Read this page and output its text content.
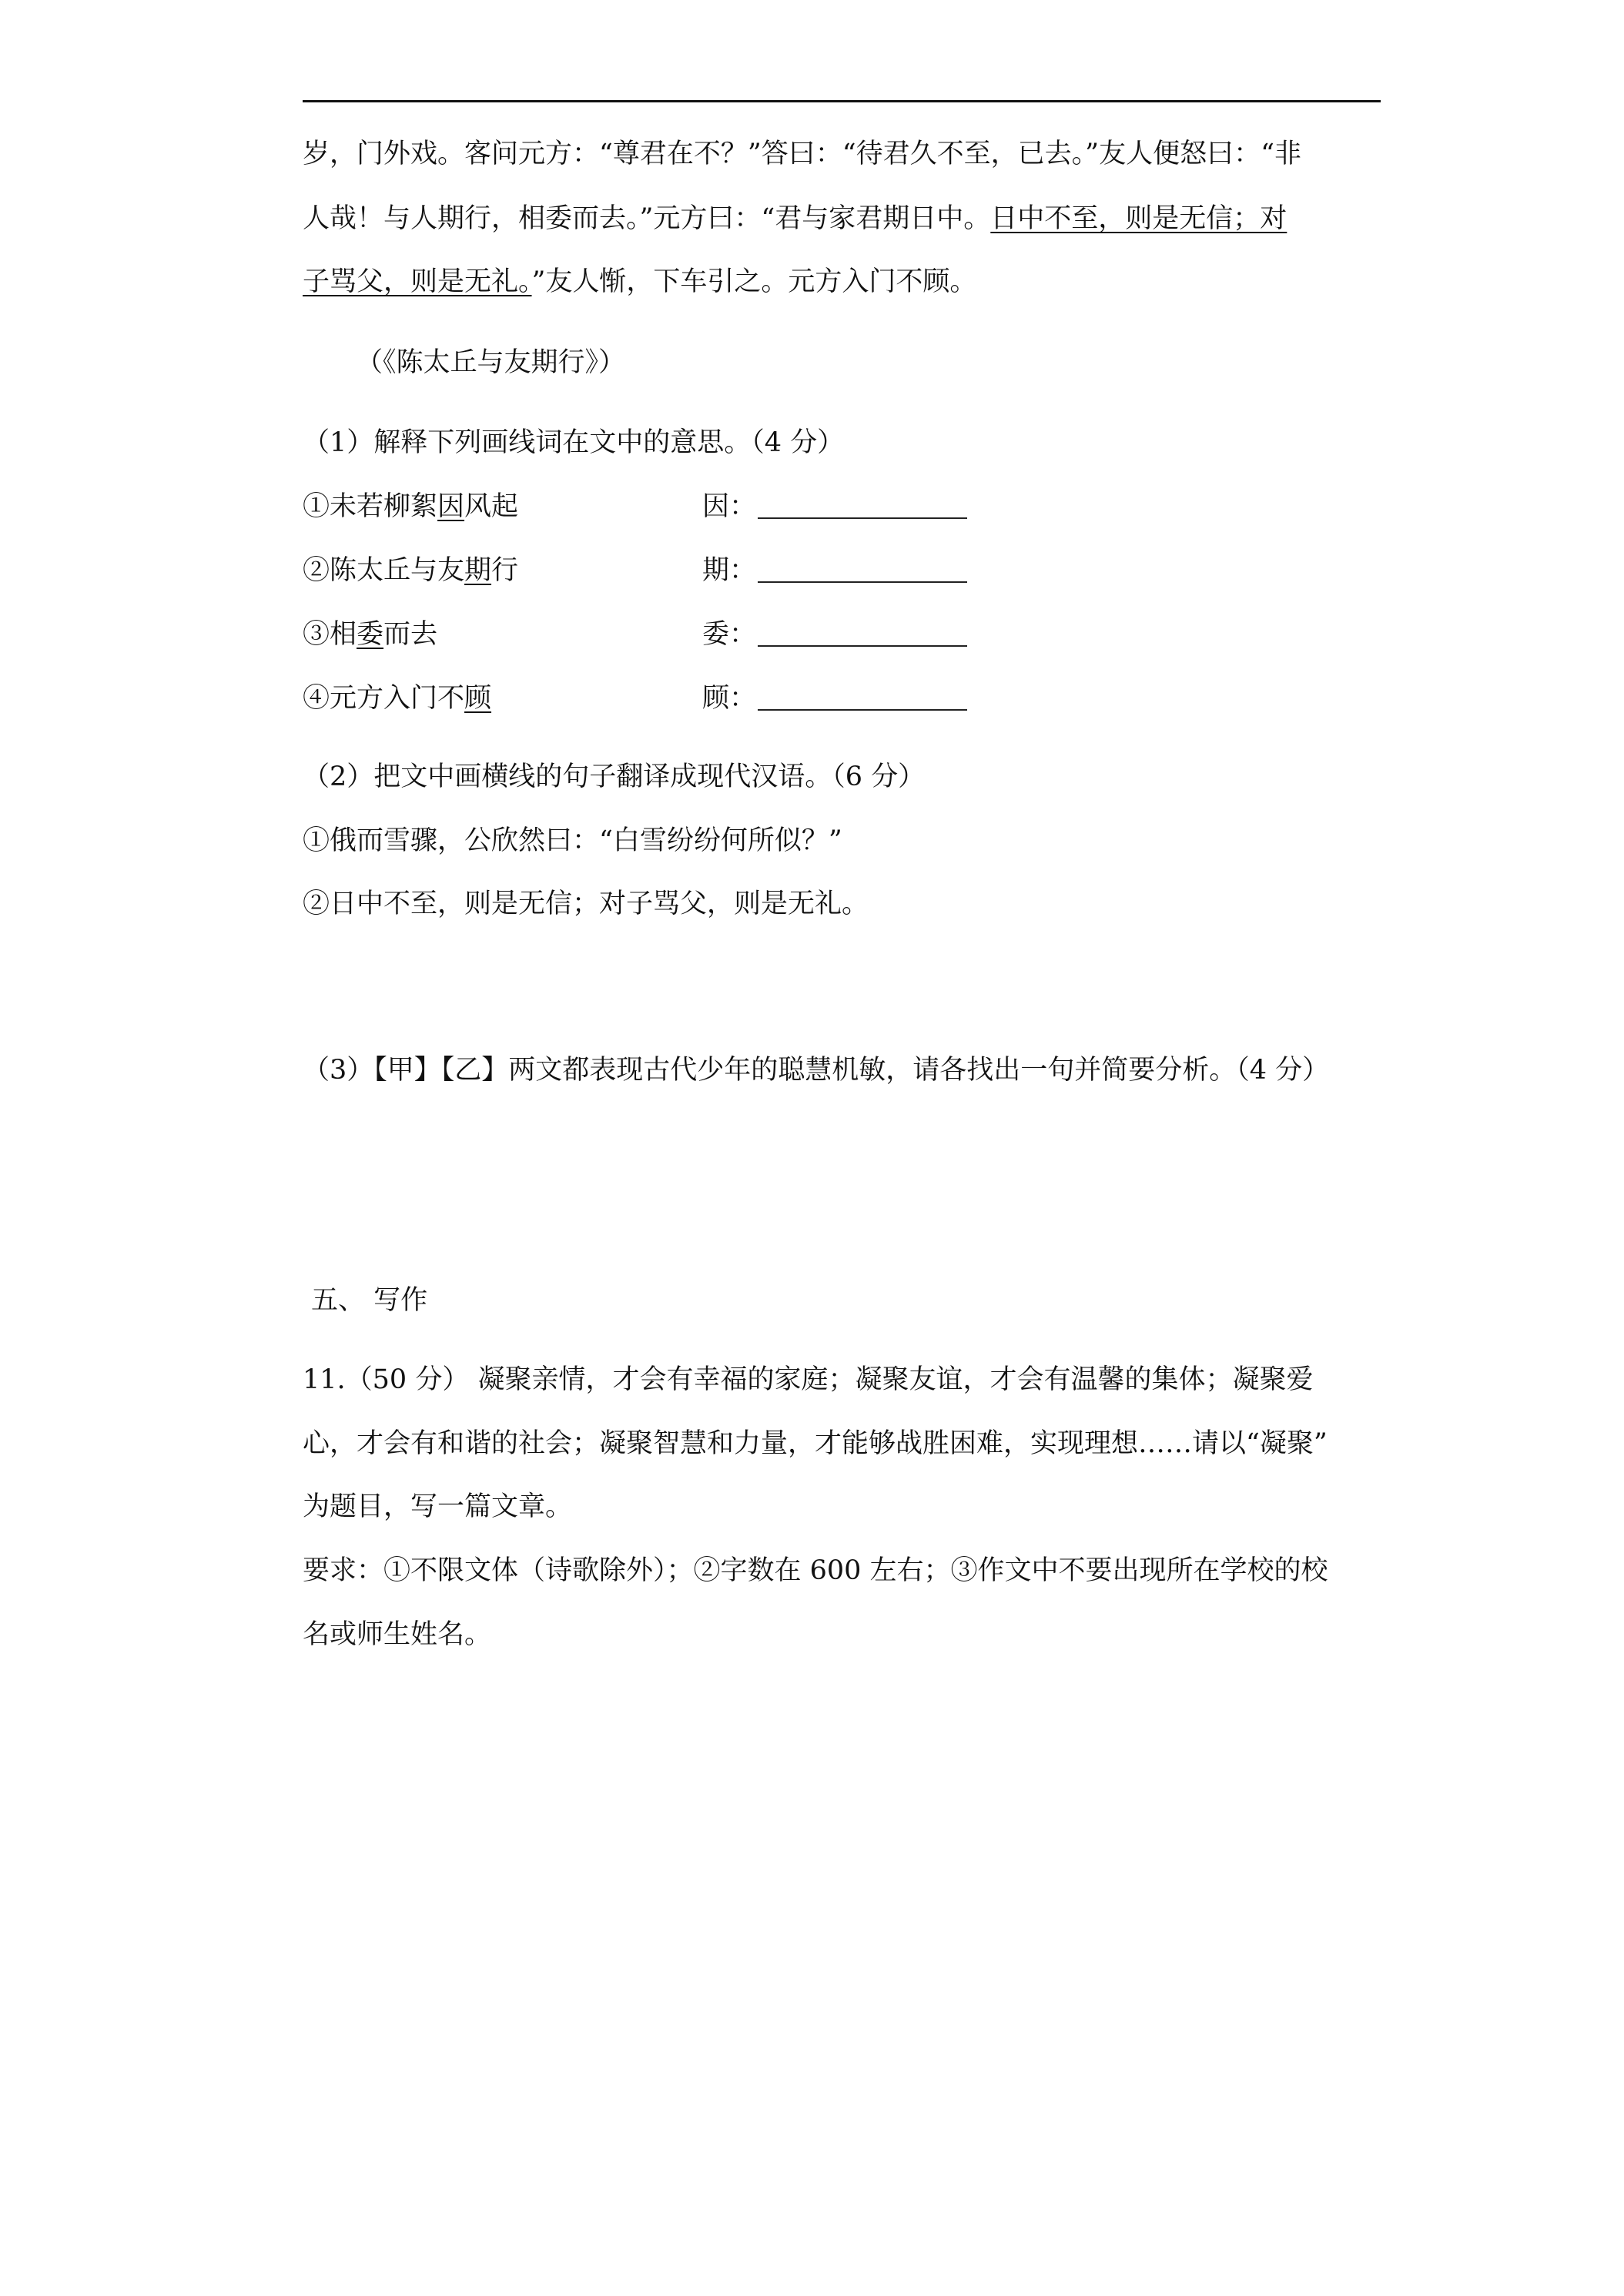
岁，门外戏。客问元方：“尊君在不？”答曰：“待君久不至，已去。”友人便怒曰：“非
人哉！与人期行，相委而去。”元方曰：“君与家君期日中。日中不至，则是无信；对
子骂父，则是无礼。”友人惭，下车引之。元方入门不顾。
（《陈太丘与友期行》）
（1）解释下列画线词在文中的意思。（4 分）
①未若柳絮因风起	因：
②陈太丘与友期行	期：
③相委而去	委：
④元方入门不顾	顾：
（2）把文中画横线的句子翻译成现代汉语。（6 分）
①俄而雪骤，公欣然曰：“白雪纷纷何所似？”
②日中不至，则是无信；对子骂父，则是无礼。
（3）【甲】【乙】两文都表现古代少年的聪慧机敏，请各找出一句并简要分析。（4 分）
五、 写作
11.（50 分） 凝聚亲情，才会有幸福的家庭；凝聚友谊，才会有温馨的集体；凝聚爱
心，才会有和谐的社会；凝聚智慧和力量，才能够战胜困难，实现理想……请以“凝聚”
为题目，写一篇文章。
要求：①不限文体（诗歌除外）；②字数在 600 左右；③作文中不要出现所在学校的校
名或师生姓名。
